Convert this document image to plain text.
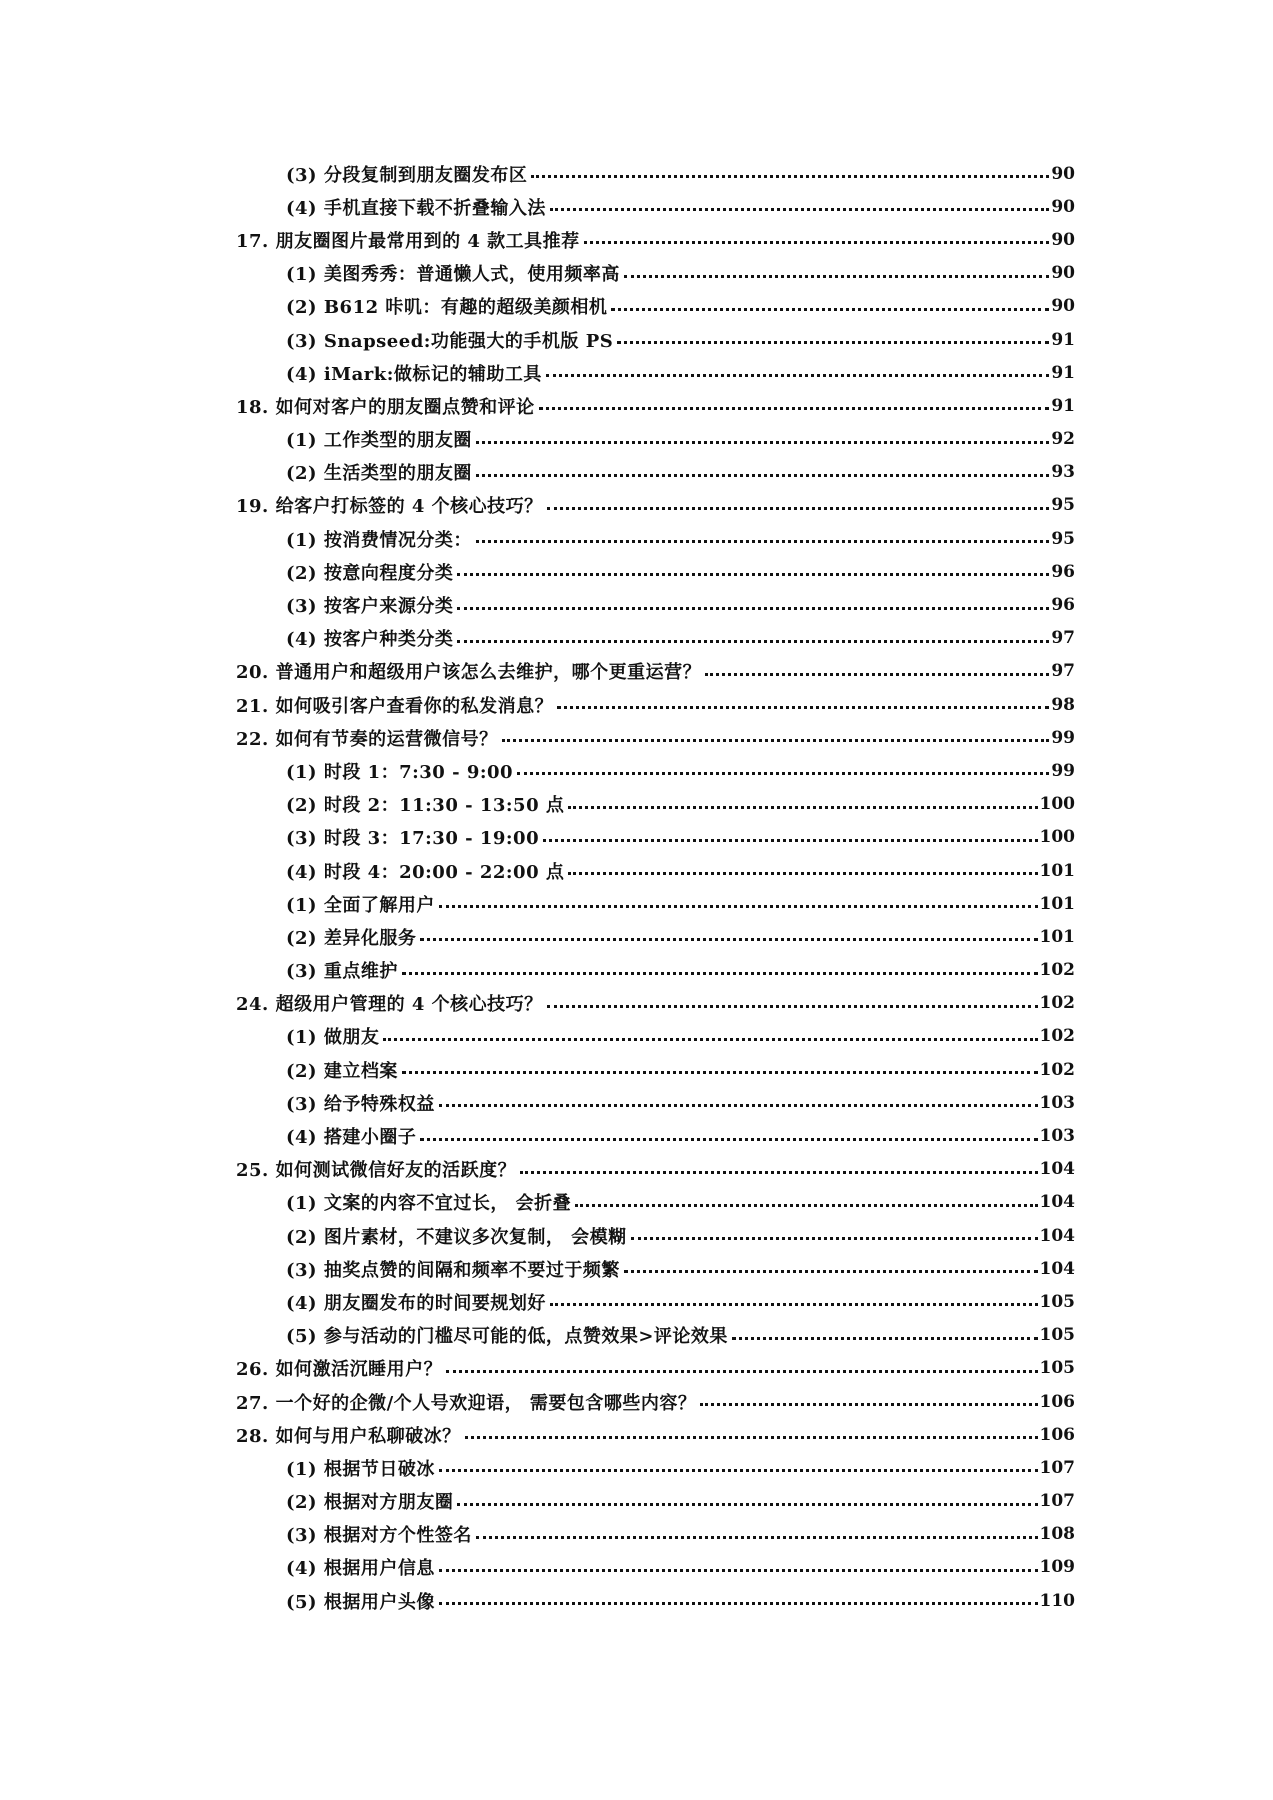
(3) 分段复制到朋友圈发布区	90
(4) 手机直接下载不折叠输入法	90
17. 朋友圈图片最常用到的 4 款工具推荐	90
(1) 美图秀秀：普通懒人式，使用频率高	90
(2) B612 咔叽：有趣的超级美颜相机	90
(3) Snapseed:功能强大的手机版 PS	91
(4) iMark:做标记的辅助工具	91
18. 如何对客户的朋友圈点赞和评论	91
(1) 工作类型的朋友圈	92
(2) 生活类型的朋友圈	93
19. 给客户打标签的 4 个核心技巧？	95
(1) 按消费情况分类：	95
(2) 按意向程度分类	96
(3) 按客户来源分类	96
(4) 按客户种类分类	97
20. 普通用户和超级用户该怎么去维护，哪个更重运营？	97
21. 如何吸引客户查看你的私发消息？	98
22. 如何有节奏的运营微信号？	99
(1) 时段 1：7:30 - 9:00	99
(2) 时段 2：11:30 - 13:50 点	100
(3) 时段 3：17:30 - 19:00	100
(4) 时段 4：20:00 - 22:00 点	101
(1) 全面了解用户	101
(2) 差异化服务	101
(3) 重点维护	102
24. 超级用户管理的 4 个核心技巧？	102
(1) 做朋友	102
(2) 建立档案	102
(3) 给予特殊权益	103
(4) 搭建小圈子	103
25. 如何测试微信好友的活跃度？	104
(1) 文案的内容不宜过长， 会折叠	104
(2) 图片素材，不建议多次复制， 会模糊	104
(3) 抽奖点赞的间隔和频率不要过于频繁	104
(4) 朋友圈发布的时间要规划好	105
(5) 参与活动的门槛尽可能的低，点赞效果>评论效果	105
26. 如何激活沉睡用户？	105
27. 一个好的企微/个人号欢迎语， 需要包含哪些内容？	106
28. 如何与用户私聊破冰？	106
(1) 根据节日破冰	107
(2) 根据对方朋友圈	107
(3) 根据对方个性签名	108
(4) 根据用户信息	109
(5) 根据用户头像	110
